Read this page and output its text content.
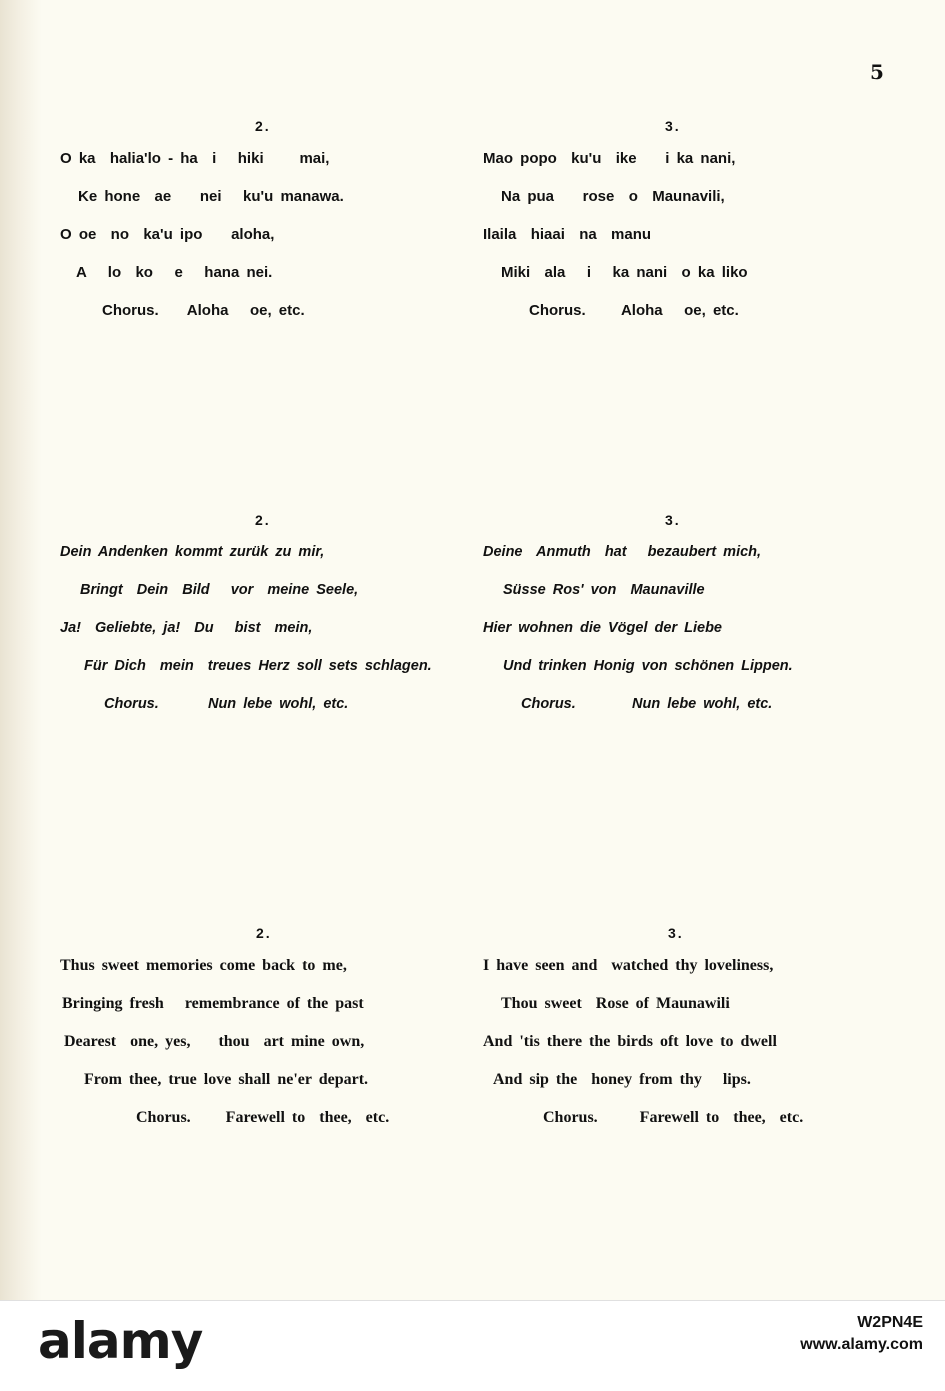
5
2.
O ka  halia'lo - ha  i   hiki     mai,
Ke hone  ae    nei   ku'u manawa.
O oe  no  ka'u ipo    aloha,
A   lo  ko   e   hana nei.
Chorus.    Aloha   oe, etc.
3.
Mao popo  ku'u  ike    i ka nani,
Na pua    rose  o  Maunavili,
Ilaila  hiaai  na  manu
Miki  ala   i   ka nani  o ka liko
Chorus.     Aloha   oe, etc.
2.
Dein Andenken kommt zurük zu mir,
Bringt  Dein  Bild   vor  meine Seele,
Ja!  Geliebte, ja!  Du   bist  mein,
Für Dich  mein  treues Herz soll sets schlagen.
Chorus.       Nun lebe wohl, etc.
3.
Deine  Anmuth  hat   bezaubert mich,
Süsse Ros' von  Maunaville
Hier wohnen die Vögel der Liebe
Und trinken Honig von schönen Lippen.
Chorus.        Nun lebe wohl, etc.
2.
Thus sweet memories come back to me,
Bringing fresh   remembrance of the past
Dearest  one, yes,    thou  art mine own,
From thee, true love shall ne'er depart.
Chorus.     Farewell to  thee,  etc.
3.
I have seen and  watched thy loveliness,
Thou sweet  Rose of Maunawili
And 'tis there the birds oft love to dwell
And sip the  honey from thy   lips.
Chorus.      Farewell to  thee,  etc.
alamy	W2PN4E
www.alamy.com
